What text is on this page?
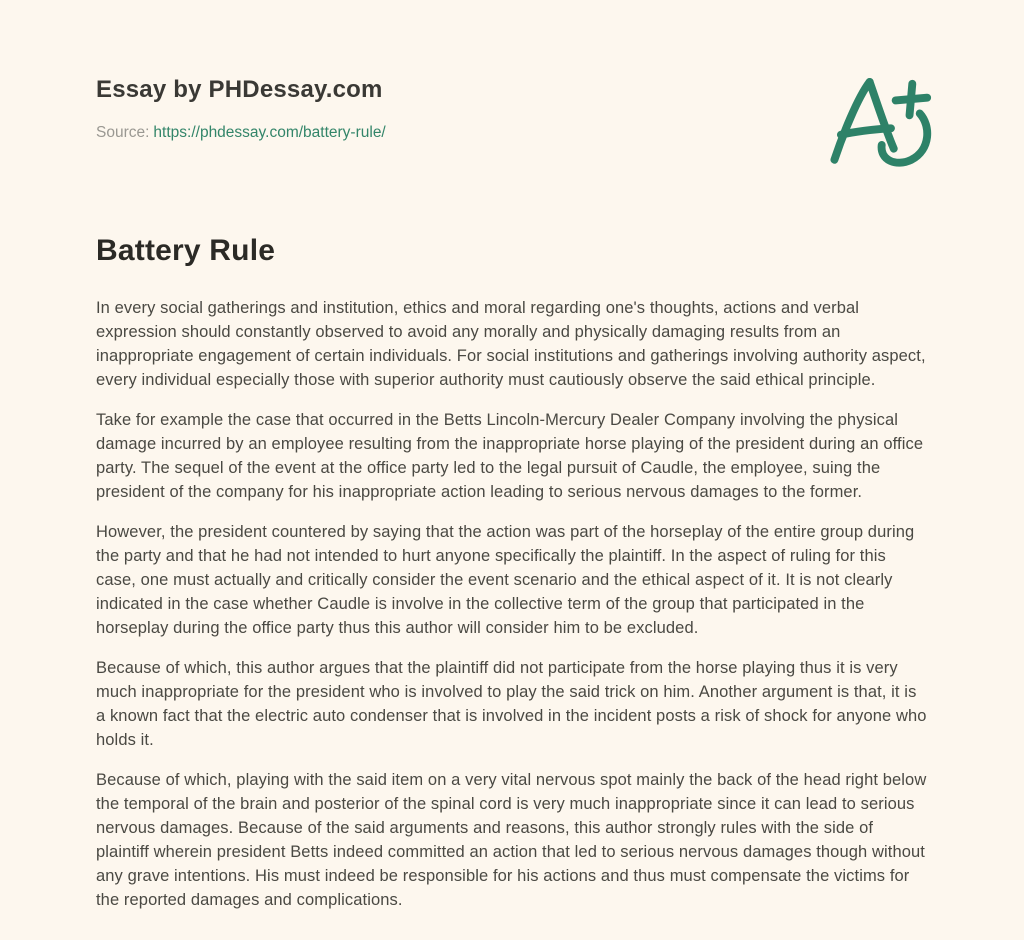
Essay by PHDessay.com
Source: https://phdessay.com/battery-rule/
Battery Rule

In every social gatherings and institution, ethics and moral regarding one's thoughts, actions and verbal expression should constantly observed to avoid any morally and physically damaging results from an inappropriate engagement of certain individuals. For social institutions and gatherings involving authority aspect, every individual especially those with superior authority must cautiously observe the said ethical principle.

Take for example the case that occurred in the Betts Lincoln-Mercury Dealer Company involving the physical damage incurred by an employee resulting from the inappropriate horse playing of the president during an office party. The sequel of the event at the office party led to the legal pursuit of Caudle, the employee, suing the president of the company for his inappropriate action leading to serious nervous damages to the former.

However, the president countered by saying that the action was part of the horseplay of the entire group during the party and that he had not intended to hurt anyone specifically the plaintiff. In the aspect of ruling for this case, one must actually and critically consider the event scenario and the ethical aspect of it. It is not clearly indicated in the case whether Caudle is involve in the collective term of the group that participated in the horseplay during the office party thus this author will consider him to be excluded.

Because of which, this author argues that the plaintiff did not participate from the horse playing thus it is very much inappropriate for the president who is involved to play the said trick on him. Another argument is that, it is a known fact that the electric auto condenser that is involved in the incident posts a risk of shock for anyone who holds it.

Because of which, playing with the said item on a very vital nervous spot mainly the back of the head right below the temporal of the brain and posterior of the spinal cord is very much inappropriate since it can lead to serious nervous damages. Because of the said arguments and reasons, this author strongly rules with the side of plaintiff wherein president Betts indeed committed an action that led to serious nervous damages though without any grave intentions. His must indeed be responsible for his actions and thus must compensate the victims for the reported damages and complications.
